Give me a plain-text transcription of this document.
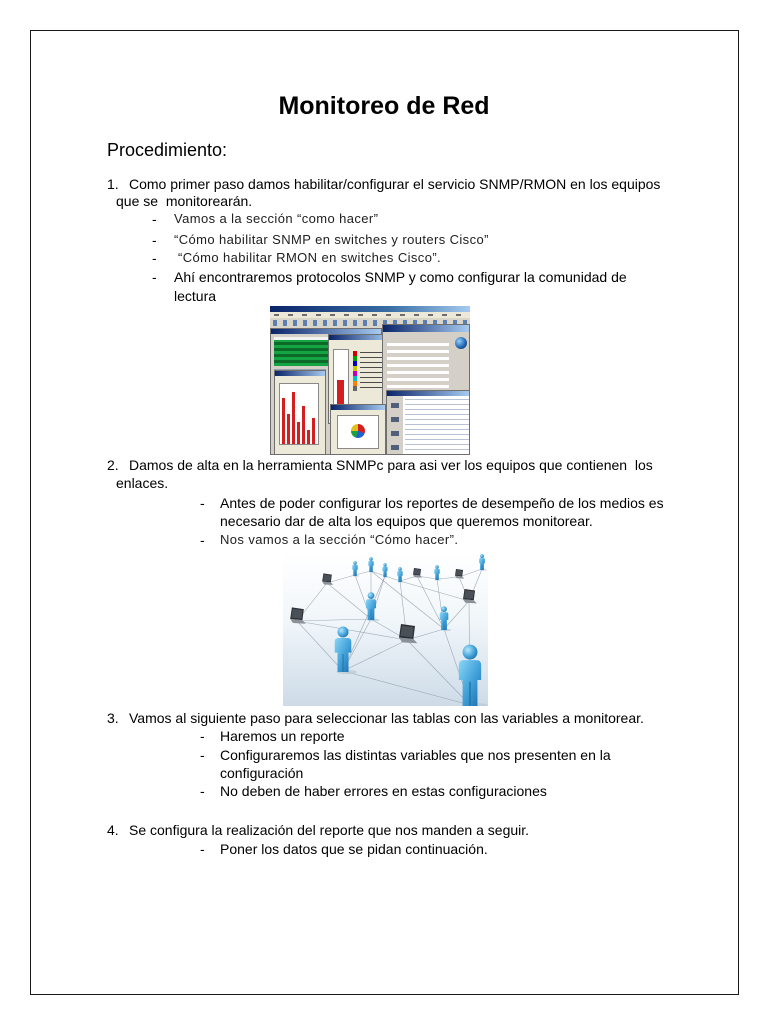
Monitoreo de Red
Procedimiento:
1. Como primer paso damos habilitar/configurar el servicio SNMP/RMON en los equipos
que se  monitorearán.
- Vamos a la sección “como hacer”
- “Cómo habilitar SNMP en switches y routers Cisco”
- “Cómo habilitar RMON en switches Cisco”.
- Ahí encontraremos protocolos SNMP y como configurar la comunidad de
lectura
2. Damos de alta en la herramienta SNMPc para asi ver los equipos que contienen  los
enlaces.
- Antes de poder configurar los reportes de desempeño de los medios es
necesario dar de alta los equipos que queremos monitorear.
- Nos vamos a la sección “Cómo hacer”.
3. Vamos al siguiente paso para seleccionar las tablas con las variables a monitorear.
- Haremos un reporte
- Configuraremos las distintas variables que nos presenten en la
configuración
- No deben de haber errores en estas configuraciones
4. Se configura la realización del reporte que nos manden a seguir.
- Poner los datos que se pidan continuación.
